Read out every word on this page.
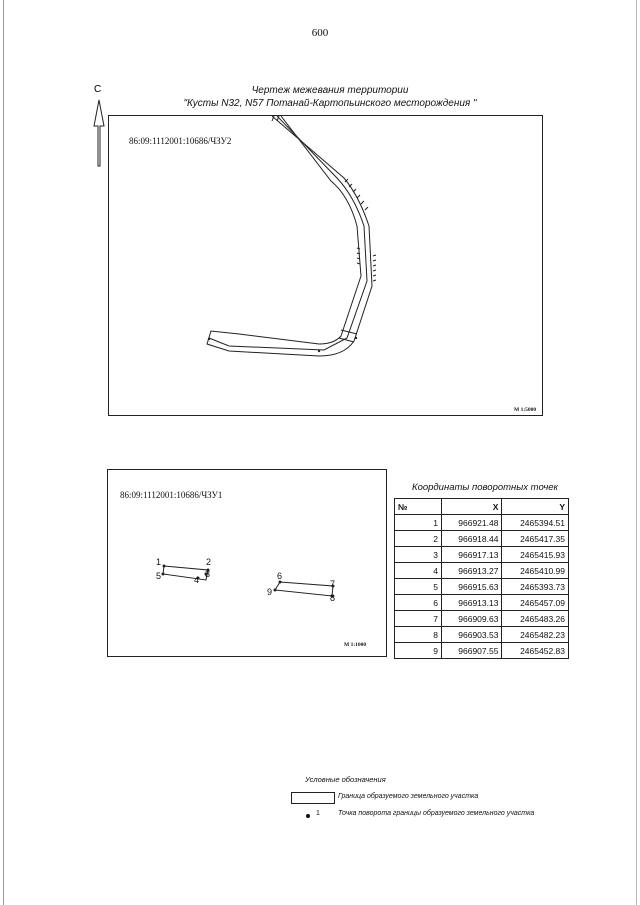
600
Чертеж межевания территории
"Кусты N32, N57 Потанай-Картопьинского месторождения "
С
86:09:1112001:10686/ЧЗУ2
M 1:5000
86:09:1112001:10686/ЧЗУ1
1	2
3
4
5	6
7
8
9
M 1:1000
Координаты поворотных точек
№	X	Y
1	966921.48	2465394.51
2	966918.44	2465417.35
3	966917.13	2465415.93
4	966913.27	2465410.99
5	966915.63	2465393.73
6	966913.13	2465457.09
7	966909.63	2465483.26
8	966903.53	2465482.23
9	966907.55	2465452.83
Условные обозначения
Граница образуемого земельного участка
1	Точка поворота границы образуемого земельного участка
